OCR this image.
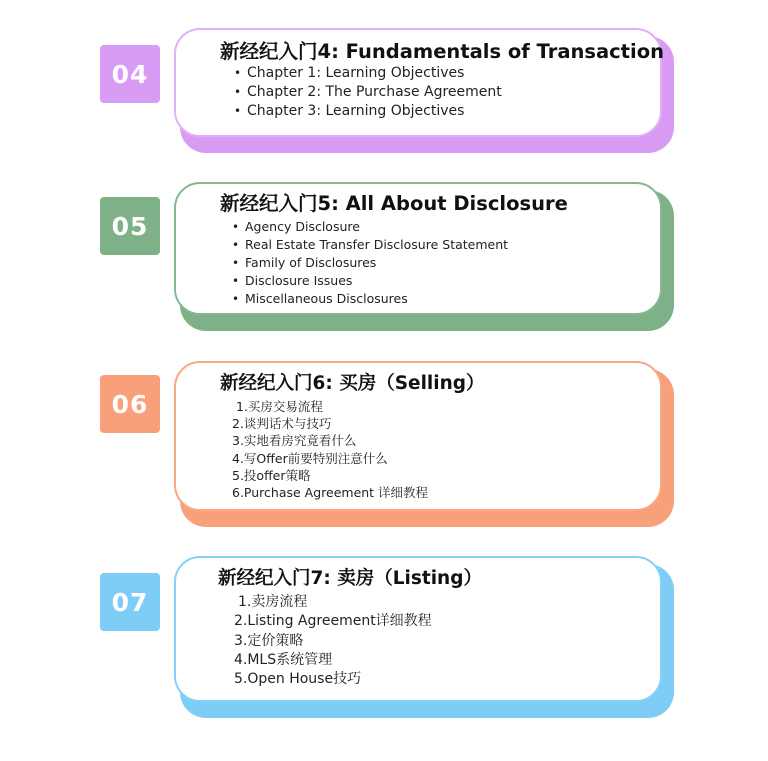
04
新经纪入门4: Fundamentals of Transaction
• Chapter 1: Learning Objectives
• Chapter 2: The Purchase Agreement
• Chapter 3: Learning Objectives
05
新经纪入门5: All About Disclosure
• Agency Disclosure
• Real Estate Transfer Disclosure Statement
• Family of Disclosures
• Disclosure Issues
• Miscellaneous Disclosures
06
新经纪入门6: 买房（Selling）
1.买房交易流程
2.谈判话术与技巧
3.实地看房究竟看什么
4.写Offer前要特别注意什么
5.投offer策略
6.Purchase Agreement 详细教程
07
新经纪入门7: 卖房（Listing）
1.卖房流程
2.Listing Agreement详细教程
3.定价策略
4.MLS系统管理
5.Open House技巧
